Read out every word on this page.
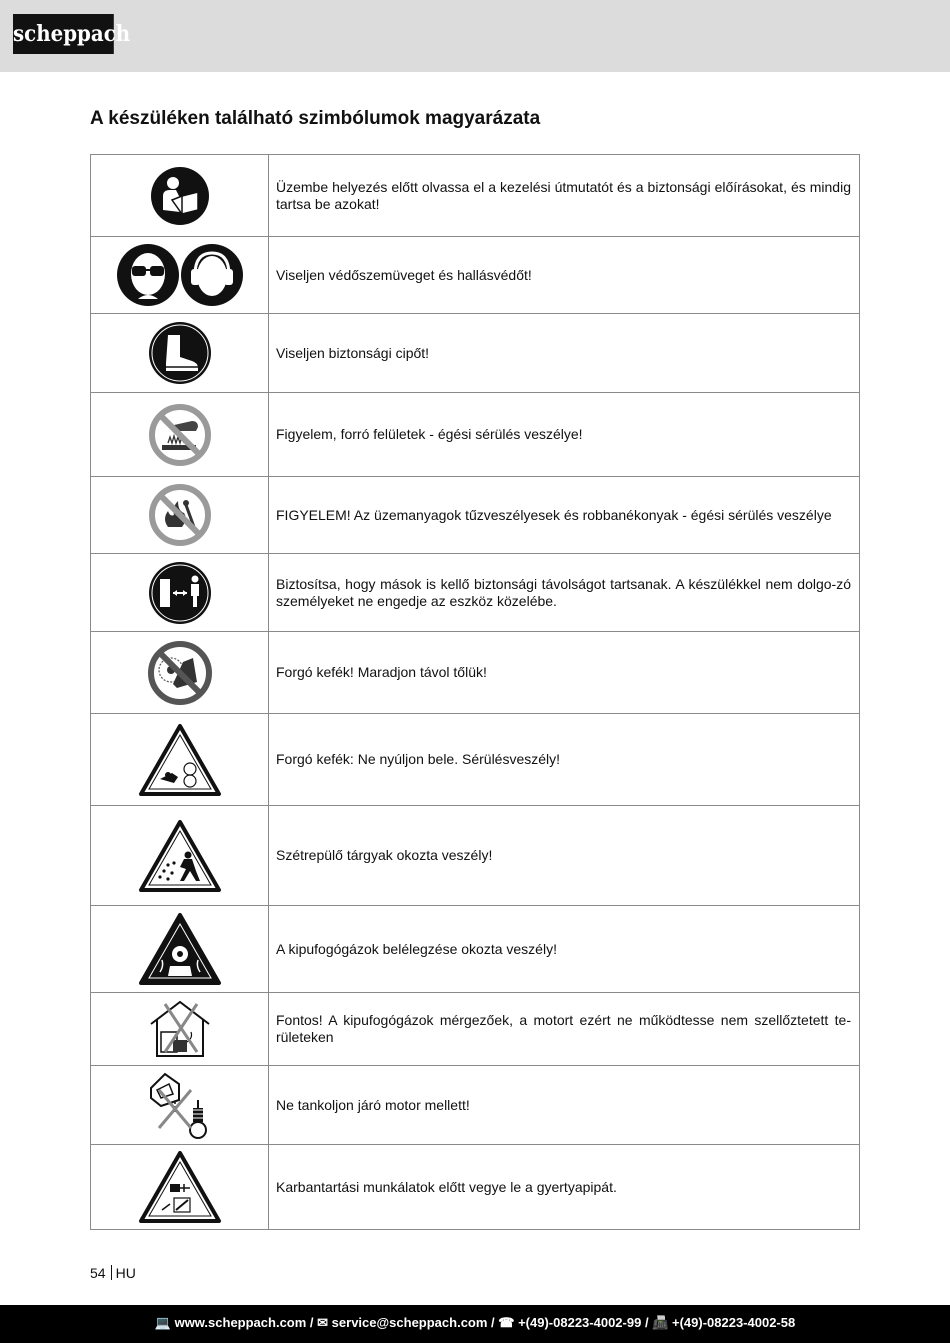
scheppach
A készüléken található szimbólumok magyarázata
	Üzembe helyezés előtt olvassa el a kezelési útmutatót és a biztonsági előírásokat, és mindig tartsa be azokat!

	Viseljen védőszemüveget és hallásvédőt!

	Viseljen biztonsági cipőt!

	Figyelem, forró felületek - égési sérülés veszélye!

	FIGYELEM! Az üzemanyagok tűzveszélyesek és robbanékonyak - égési sérülés veszélye

	Biztosítsa, hogy mások is kellő biztonsági távolságot tartsanak. A készülékkel nem dolgo-zó személyeket ne engedje az eszköz közelébe.

	Forgó kefék! Maradjon távol tőlük!

	Forgó kefék: Ne nyúljon bele. Sérülésveszély!

	Szétrepülő tárgyak okozta veszély!

	A kipufogógázok belélegzése okozta veszély!

	Fontos! A kipufogógázok mérgezőek, a motort ezért ne működtesse nem szellőztetett te-rületeken

	Ne tankoljon járó motor mellett!

	Karbantartási munkálatok előtt vegye le a gyertyapipát.
54 HU
💻 www.scheppach.com / ✉ service@scheppach.com / ☎ +(49)-08223-4002-99 / 📠 +(49)-08223-4002-58
